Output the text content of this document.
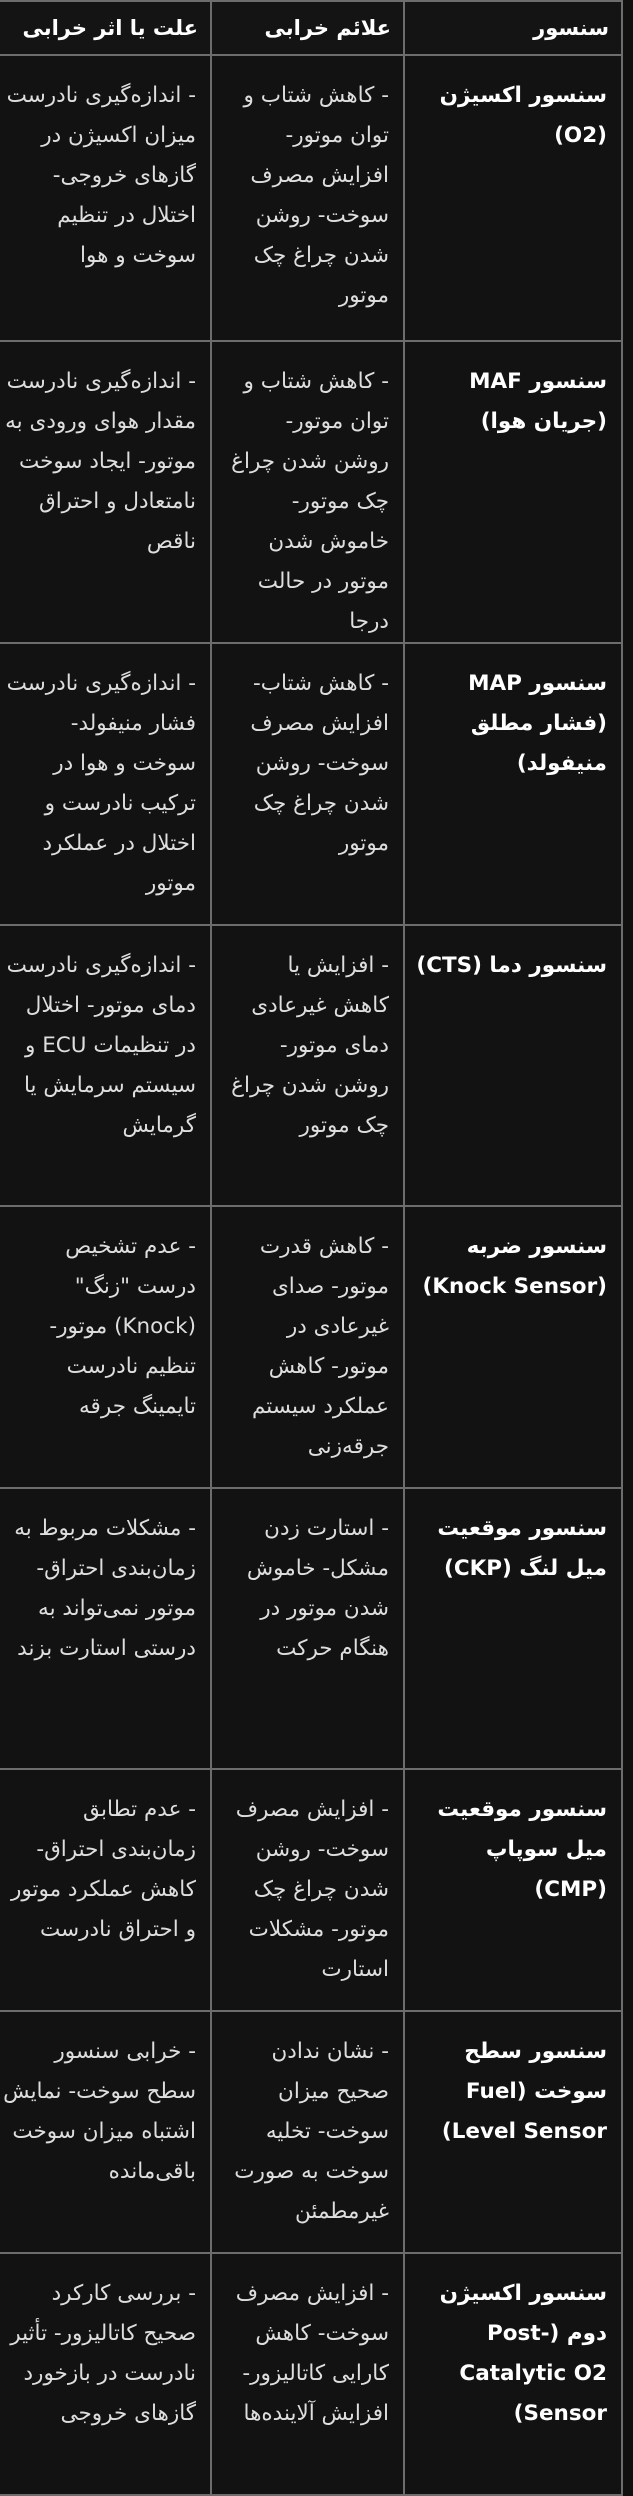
سنسور	علائم خرابی	علت یا اثر خرابی
سنسور اکسیژن (O2)	- کاهش شتاب و توان موتور- افزایش مصرف سوخت- روشن شدن چراغ چک موتور	- اندازه‌گیری نادرست میزان اکسیژن در گازهای خروجی- اختلال در تنظیم سوخت و هوا
سنسور MAF (جریان هوا)	- کاهش شتاب و توان موتور- روشن شدن چراغ چک موتور- خاموش شدن موتور در حالت درجا	- اندازه‌گیری نادرست مقدار هوای ورودی به موتور- ایجاد سوخت نامتعادل و احتراق ناقص
سنسور MAP (فشار مطلق منیفولد)	- کاهش شتاب- افزایش مصرف سوخت- روشن شدن چراغ چک موتور	- اندازه‌گیری نادرست فشار منیفولد- سوخت و هوا در ترکیب نادرست و اختلال در عملکرد موتور
سنسور دما (CTS)	- افزایش یا کاهش غیرعادی دمای موتور- روشن شدن چراغ چک موتور	- اندازه‌گیری نادرست دمای موتور- اختلال در تنظیمات ECU و سیستم سرمایش یا گرمایش
سنسور ضربه (Knock Sensor)	- کاهش قدرت موتور- صدای غیرعادی در موتور- کاهش عملکرد سیستم جرقه‌زنی	- عدم تشخیص درست "زنگ" (Knock) موتور- تنظیم نادرست تایمینگ جرقه
سنسور موقعیت میل لنگ (CKP)	- استارت زدن مشکل- خاموش شدن موتور در هنگام حرکت	- مشکلات مربوط به زمان‌بندی احتراق- موتور نمی‌تواند به درستی استارت بزند
سنسور موقعیت میل سوپاپ (CMP)	- افزایش مصرف سوخت- روشن شدن چراغ چک موتور- مشکلات استارت	- عدم تطابق زمان‌بندی احتراق- کاهش عملکرد موتور و احتراق نادرست
سنسور سطح سوخت (Fuel Level Sensor)	- نشان ندادن صحیح میزان سوخت- تخلیه سوخت به صورت غیرمطمئن	- خرابی سنسور سطح سوخت- نمایش اشتباه میزان سوخت باقی‌مانده
سنسور اکسیژن دوم (Post-Catalytic O2 Sensor)	- افزایش مصرف سوخت- کاهش کارایی کاتالیزور- افزایش آلاینده‌ها	- بررسی کارکرد صحیح کاتالیزور- تأثیر نادرست در بازخورد گازهای خروجی
